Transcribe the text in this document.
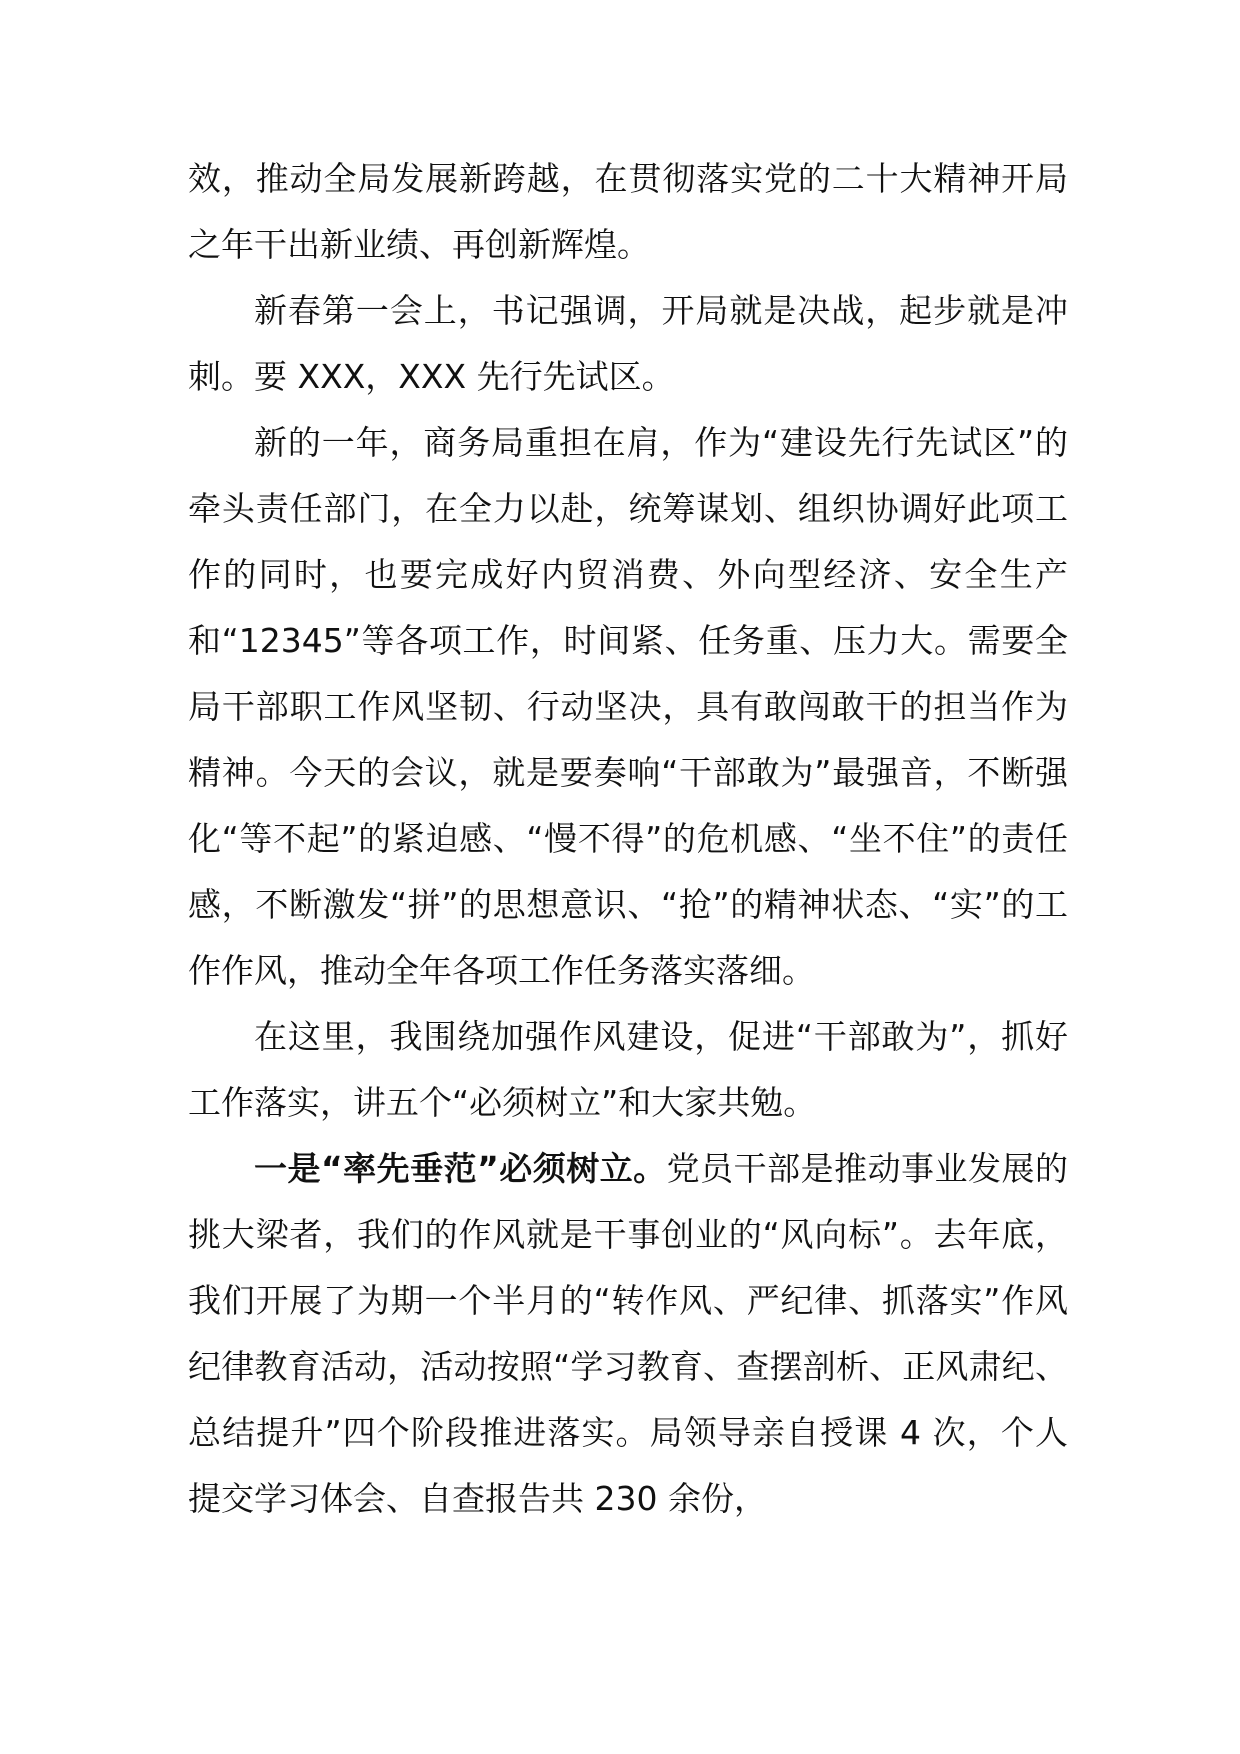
效，推动全局发展新跨越，在贯彻落实党的二十大精神开局之年干出新业绩、再创新辉煌。

新春第一会上，书记强调，开局就是决战，起步就是冲刺。要 XXX，XXX 先行先试区。

新的一年，商务局重担在肩，作为“建设先行先试区”的牵头责任部门，在全力以赴，统筹谋划、组织协调好此项工作的同时，也要完成好内贸消费、外向型经济、安全生产和“12345”等各项工作，时间紧、任务重、压力大。需要全局干部职工作风坚韧、行动坚决，具有敢闯敢干的担当作为精神。今天的会议，就是要奏响“干部敢为”最强音，不断强化“等不起”的紧迫感、“慢不得”的危机感、“坐不住”的责任感，不断激发“拼”的思想意识、“抢”的精神状态、“实”的工作作风，推动全年各项工作任务落实落细。

在这里，我围绕加强作风建设，促进“干部敢为”，抓好工作落实，讲五个“必须树立”和大家共勉。

一是“率先垂范”必须树立。党员干部是推动事业发展的挑大梁者，我们的作风就是干事创业的“风向标”。去年底，我们开展了为期一个半月的“转作风、严纪律、抓落实”作风纪律教育活动，活动按照“学习教育、查摆剖析、正风肃纪、总结提升”四个阶段推进落实。局领导亲自授课 4 次，个人提交学习体会、自查报告共 230 余份，
